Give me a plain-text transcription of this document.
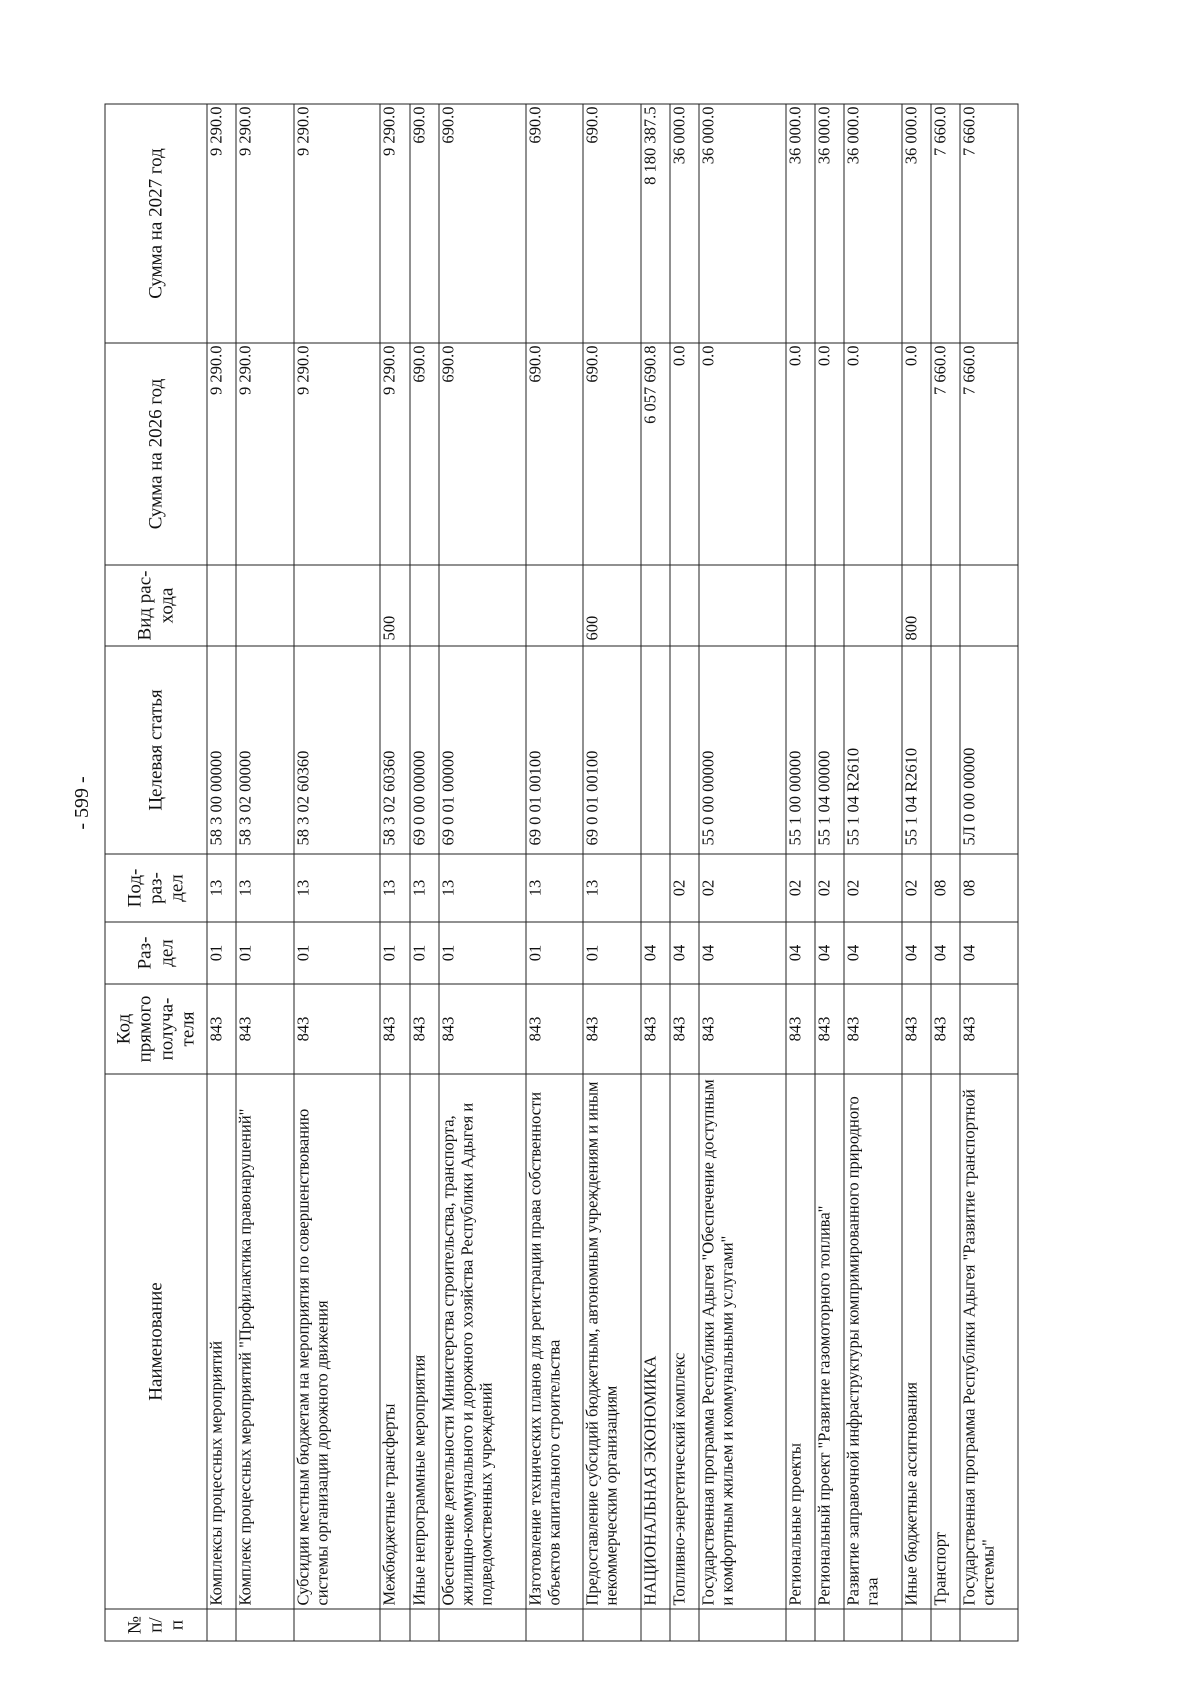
- 599 -
№ п/п	Наименование	Код прямого получа- теля	Раз- дел	Под- раз- дел	Целевая статья	Вид рас- хода	Сумма на 2026 год	Сумма на 2027 год
	Комплексы процессных мероприятий	843	01	13	58 3 00 00000		9 290.0	9 290.0
	Комплекс процессных мероприятий "Профилактика правонарушений"	843	01	13	58 3 02 00000		9 290.0	9 290.0
	Субсидии местным бюджетам на мероприятия по совершенствованию системы организации дорожного движения	843	01	13	58 3 02 60360		9 290.0	9 290.0
	Межбюджетные трансферты	843	01	13	58 3 02 60360	500	9 290.0	9 290.0
	Иные непрограммные мероприятия	843	01	13	69 0 00 00000		690.0	690.0
	Обеспечение деятельности Министерства строительства, транспорта, жилищно-коммунального и дорожного хозяйства Республики Адыгея и подведомственных учреждений	843	01	13	69 0 01 00000		690.0	690.0
	Изготовление технических планов для регистрации права собственности объектов капитального строительства	843	01	13	69 0 01 00100		690.0	690.0
	Предоставление субсидий бюджетным, автономным учреждениям и иным некоммерческим организациям	843	01	13	69 0 01 00100	600	690.0	690.0
	НАЦИОНАЛЬНАЯ ЭКОНОМИКА	843	04				6 057 690.8	8 180 387.5
	Топливно-энергетический комплекс	843	04	02			0.0	36 000.0
	Государственная программа Республики Адыгея "Обеспечение доступным и комфортным жильем и коммунальными услугами"	843	04	02	55 0 00 00000		0.0	36 000.0
	Региональные проекты	843	04	02	55 1 00 00000		0.0	36 000.0
	Региональный проект "Развитие газомоторного топлива"	843	04	02	55 1 04 00000		0.0	36 000.0
	Развитие заправочной инфраструктуры компримированного природного газа	843	04	02	55 1 04 R2610		0.0	36 000.0
	Иные бюджетные ассигнования	843	04	02	55 1 04 R2610	800	0.0	36 000.0
	Транспорт	843	04	08			7 660.0	7 660.0
	Государственная программа Республики Адыгея "Развитие транспортной системы"	843	04	08	5Л 0 00 00000		7 660.0	7 660.0
